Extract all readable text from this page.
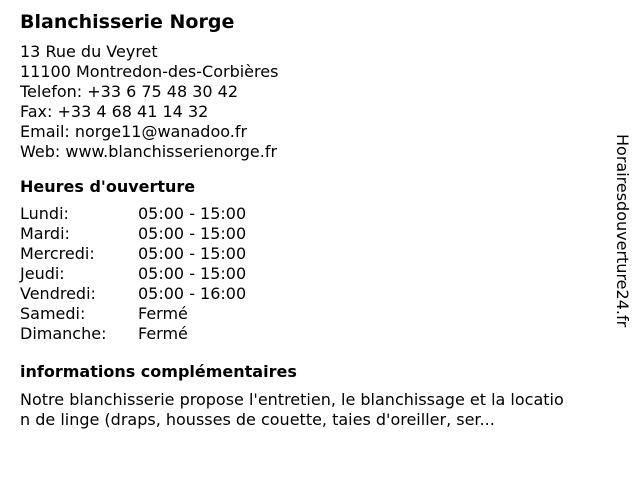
Blanchisserie Norge
13 Rue du Veyret
11100 Montredon-des-Corbières
Telefon: +33 6 75 48 30 42
Fax: +33 4 68 41 14 32
Email: norge11@wanadoo.fr
Web: www.blanchisserienorge.fr
Heures d'ouverture
Lundi:	05:00 - 15:00
Mardi:	05:00 - 15:00
Mercredi:	05:00 - 15:00
Jeudi:	05:00 - 15:00
Vendredi:	05:00 - 16:00
Samedi:	Fermé
Dimanche:	Fermé
informations complémentaires
Notre blanchisserie propose l'entretien, le blanchissage et la location de linge (draps, housses de couette, taies d'oreiller, ser...
Horairesdouverture24.fr
